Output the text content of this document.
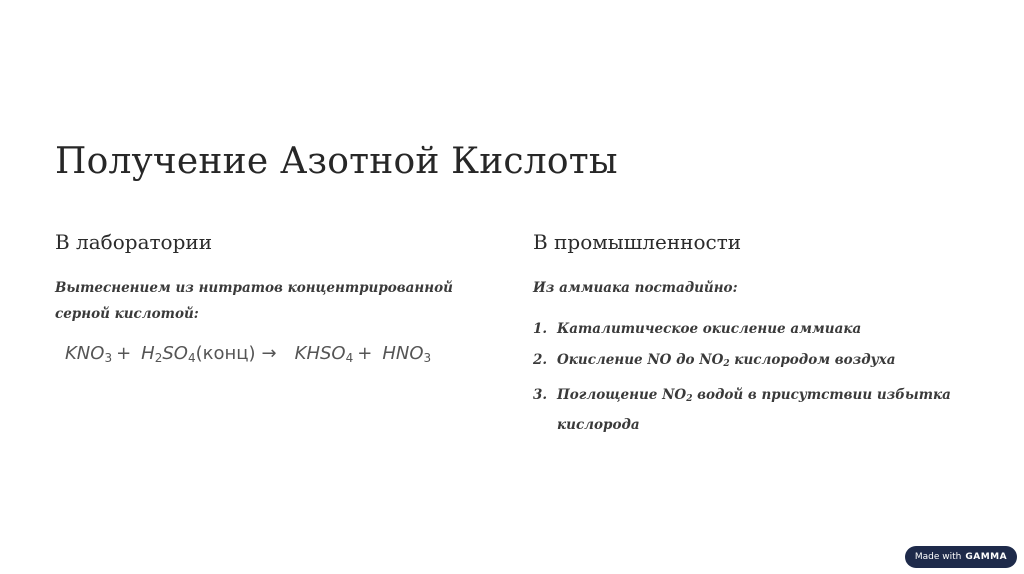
Получение Азотной Кислоты
В лаборатории

Вытеснением из нитратов концентрированной серной кислотой:

$KNO_3$ + $H_2SO_4(конц)$ → $KHSO_4 + HNO_3$
В промышленности

Из аммиака постадийно:

1. Каталитическое окисление аммиака
2. Окисление NO до $NO_2$ кислородом воздуха
3. Поглощение $NO_2$ водой в присутствии избытка кислорода
Made with GAMMA
